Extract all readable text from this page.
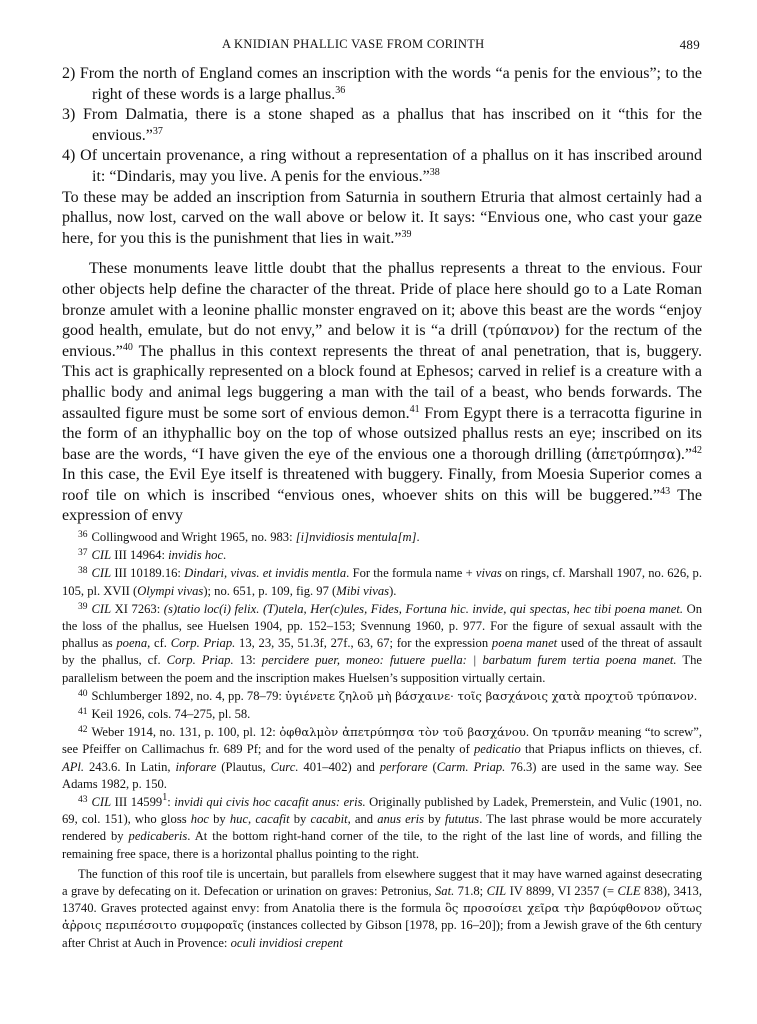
A KNIDIAN PHALLIC VASE FROM CORINTH	489

2) From the north of England comes an inscription with the words “a penis for the envious”; to the right of these words is a large phallus.$^{36}$

3) From Dalmatia, there is a stone shaped as a phallus that has inscribed on it “this for the envious.”$^{37}$

4) Of uncertain provenance, a ring without a representation of a phallus on it has inscribed around it: “Dindaris, may you live. A penis for the envious.”$^{38}$

To these may be added an inscription from Saturnia in southern Etruria that almost certainly had a phallus, now lost, carved on the wall above or below it. It says: “Envious one, who cast your gaze here, for you this is the punishment that lies in wait.”$^{39}$

These monuments leave little doubt that the phallus represents a threat to the envious. Four other objects help define the character of the threat. Pride of place here should go to a Late Roman bronze amulet with a leonine phallic monster engraved on it; above this beast are the words “enjoy good health, emulate, but do not envy,” and below it is “a drill (τρύπανον) for the rectum of the envious.”$^{40}$ The phallus in this context represents the threat of anal penetration, that is, buggery. This act is graphically represented on a block found at Ephesos; carved in relief is a creature with a phallic body and animal legs buggering a man with the tail of a beast, who bends forwards. The assaulted figure must be some sort of envious demon.$^{41}$ From Egypt there is a terracotta figurine in the form of an ithyphallic boy on the top of whose outsized phallus rests an eye; inscribed on its base are the words, “I have given the eye of the envious one a thorough drilling (ἀπετρύπησα).”$^{42}$ In this case, the Evil Eye itself is threatened with buggery. Finally, from Moesia Superior comes a roof tile on which is inscribed “envious ones, whoever shits on this will be buggered.”$^{43}$ The expression of envy

$^{36}$ Collingwood and Wright 1965, no. 983: [i]nvidiosis mentula[m].

$^{37}$ CIL III 14964: invidis hoc.

$^{38}$ CIL III 10189.16: Dindari, vivas. et invidis mentla. For the formula name + vivas on rings, cf. Marshall 1907, no. 626, p. 105, pl. XVII (Olympi vivas); no. 651, p. 109, fig. 97 (Mibi vivas).

$^{39}$ CIL XI 7263: (s)tatio loc(i) felix. (T)utela, Her(c)ules, Fides, Fortuna hic. invide, qui spectas, hec tibi poena manet. On the loss of the phallus, see Huelsen 1904, pp. 152–153; Svennung 1960, p. 977. For the figure of sexual assault with the phallus as poena, cf. Corp. Priap. 13, 23, 35, 51.3f, 27f., 63, 67; for the expression poena manet used of the threat of assault by the phallus, cf. Corp. Priap. 13: percidere puer, moneo: futuere puella: | barbatum furem tertia poena manet. The parallelism between the poem and the inscription makes Huelsen’s supposition virtually certain.

$^{40}$ Schlumberger 1892, no. 4, pp. 78–79: ὑγιένετε ζηλοῦ μὴ βάσχαινε· τοῖς βασχάνοις χατὰ προχτοῦ τρύπανον.

$^{41}$ Keil 1926, cols. 74–275, pl. 58.

$^{42}$ Weber 1914, no. 131, p. 100, pl. 12: ὀφθαλμὸν ἀπετρύπησα τὸν τοῦ βασχάνου. On τρυπᾶν meaning “to screw”, see Pfeiffer on Callimachus fr. 689 Pf; and for the word used of the penalty of pedicatio that Priapus inflicts on thieves, cf. APl. 243.6. In Latin, inforare (Plautus, Curc. 401–402) and perforare (Carm. Priap. 76.3) are used in the same way. See Adams 1982, p. 150.

$^{43}$ CIL III 14599$^1$: invidi qui civis hoc cacafit anus: eris. Originally published by Ladek, Premerstein, and Vulic (1901, no. 69, col. 151), who gloss hoc by huc, cacafit by cacabit, and anus eris by fututus. The last phrase would be more accurately rendered by pedicaberis. At the bottom right-hand corner of the tile, to the right of the last line of words, and filling the remaining free space, there is a horizontal phallus pointing to the right.

The function of this roof tile is uncertain, but parallels from elsewhere suggest that it may have warned against desecrating a grave by defecating on it. Defecation or urination on graves: Petronius, Sat. 71.8; CIL IV 8899, VI 2357 (= CLE 838), 3413, 13740. Graves protected against envy: from Anatolia there is the formula ὃς προσοίσει χεῖρα τὴν βαρύφθονον οὕτως ἀῤροις περιπέσοιτο συμφοραῖς (instances collected by Gibson [1978, pp. 16–20]); from a Jewish grave of the 6th century after Christ at Auch in Provence: oculi invidiosi crepent
